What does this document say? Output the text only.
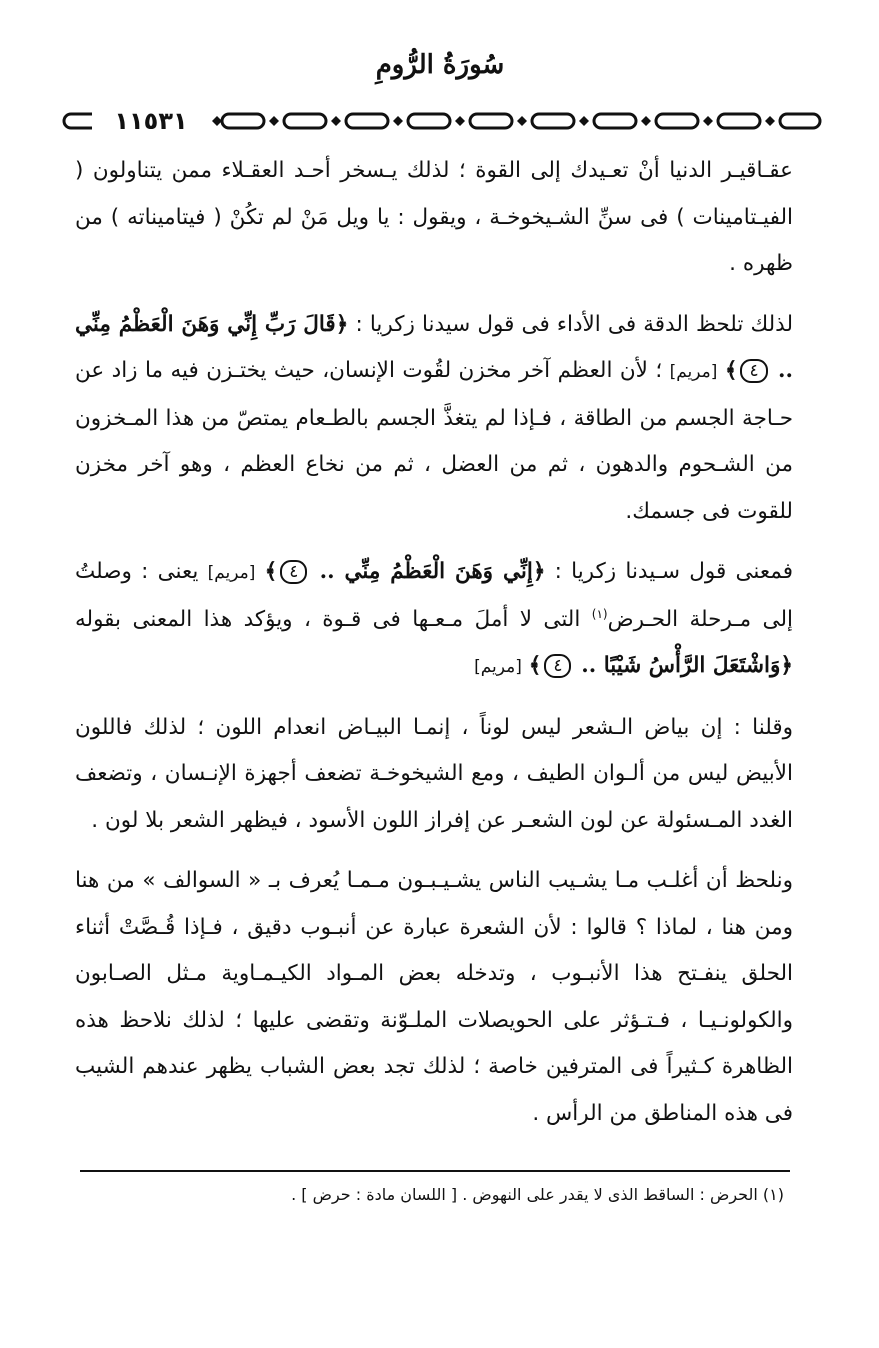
سُورَةُ الرُّومِ
١١٥٣١

عقـاقيـر الدنيا أنْ تعـيدك إلى القوة ؛ لذلك يـسخر أحـد العقـلاء ممن يتناولون ( الفيـتامينات ) فى سنِّ الشـيخوخـة ، ويقول : يا ويل مَنْ لم تكُنْ ( فيتاميناته ) من ظهره .

لذلك تلحظ الدقة فى الأداء فى قول سيدنا زكريا : ﴿قَالَ رَبِّ إِنِّي وَهَنَ الْعَظْمُ مِنِّي .. ٤﴾ [مريم] ؛ لأن العظم آخر مخزن لقُوت الإنسان، حيث يختـزن فيه ما زاد عن حـاجة الجسم من الطاقة ، فـإذا لم يتغذَّ الجسم بالطـعام يمتصّ من هذا المـخزون من الشـحوم والدهون ، ثم من العضل ، ثم من نخاع العظم ، وهو آخر مخزن للقوت فى جسمك.

فمعنى قول سـيدنا زكريا : ﴿إِنِّي وَهَنَ الْعَظْمُ مِنِّي .. ٤﴾ [مريم] يعنى : وصلتُ إلى مـرحلة الحـرض$^{(١)}$ التى لا أملَ مـعـها فى قـوة ، ويؤكد هذا المعنى بقوله ﴿وَاشْتَعَلَ الرَّأْسُ شَيْبًا .. ٤﴾ [مريم]

وقلنا : إن بياض الـشعر ليس لوناً ، إنمـا البيـاض انعدام اللون ؛ لذلك فاللون الأبيض ليس من ألـوان الطيف ، ومع الشيخوخـة تضعف أجهزة الإنـسان ، وتضعف الغدد المـسئولة عن لون الشعـر عن إفراز اللون الأسود ، فيظهر الشعر بلا لون .

ونلحظ أن أغلـب مـا يشـيب الناس يشـيـبـون مـمـا يُعرف بـ « السوالف » من هنا ومن هنا ، لماذا ؟ قالوا : لأن الشعرة عبارة عن أنبـوب دقيق ، فـإذا قُـصَّتْ أثناء الحلق ينفـتح هذا الأنبـوب ، وتدخله بعض المـواد الكيـمـاوية مـثل الصـابون والكولونـيـا ، فـتـؤثر على الحويصلات الملـوّنة وتقضى عليها ؛ لذلك نلاحظ هذه الظاهرة كـثيراً فى المترفين خاصة ؛ لذلك تجد بعض الشباب يظهر عندهم الشيب فى هذه المناطق من الرأس .

(١) الحرض : الساقط الذى لا يقدر على النهوض . [ اللسان مادة : حرض ] .
